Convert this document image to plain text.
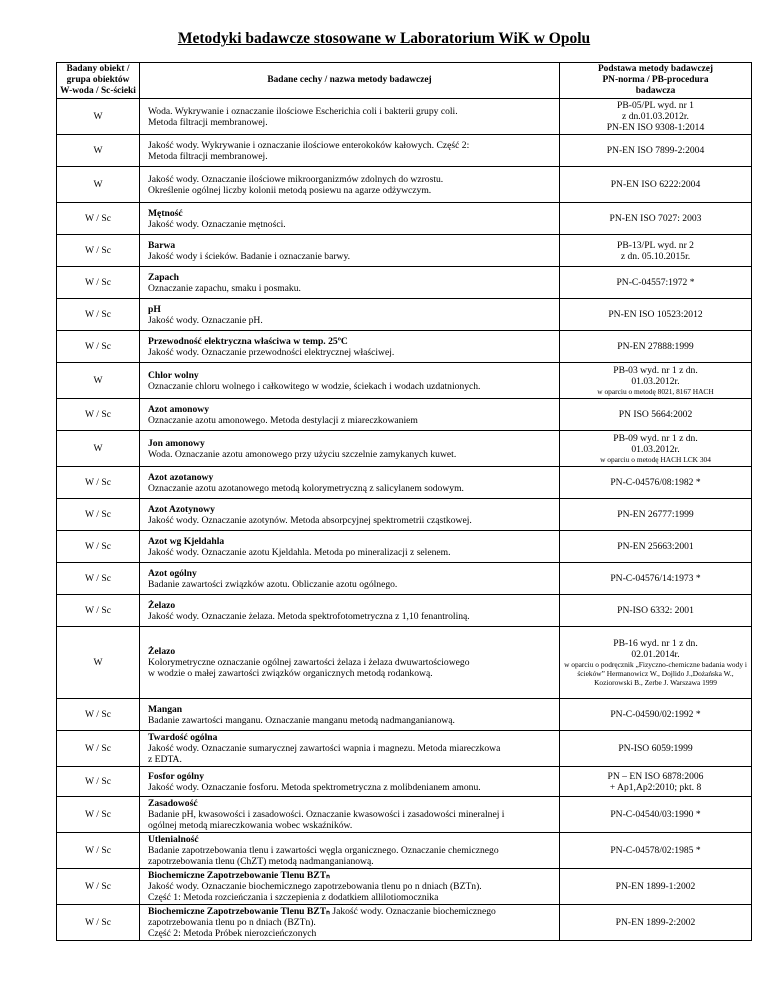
Metodyki badawcze stosowane w Laboratorium WiK w Opolu
Badany obiekt /
grupa obiektów
W-woda / Sc-ścieki	Badane cechy / nazwa metody badawczej	Podstawa metody badawczej
PN-norma / PB-procedura
badawcza

W	Woda. Wykrywanie i oznaczanie ilościowe Escherichia coli i bakterii grupy coli.
Metoda filtracji membranowej.	PB-05/PL wyd. nr 1
z dn.01.03.2012r.
PN-EN ISO 9308-1:2014

W	Jakość wody. Wykrywanie i oznaczanie ilościowe enterokoków kałowych. Część 2:
Metoda filtracji membranowej.	PN-EN ISO 7899-2:2004

W	Jakość wody. Oznaczanie ilościowe mikroorganizmów zdolnych do wzrostu.
Określenie ogólnej liczby kolonii metodą posiewu na agarze odżywczym.	PN-EN ISO 6222:2004

W / Sc	Mętność
Jakość wody. Oznaczanie mętności.	PN-EN ISO 7027: 2003

W / Sc	Barwa
Jakość wody i ścieków. Badanie i oznaczanie barwy.	PB-13/PL wyd. nr 2
z dn. 05.10.2015r.

W / Sc	Zapach
Oznaczanie zapachu, smaku i posmaku.	PN-C-04557:1972 *

W / Sc	pH
Jakość wody. Oznaczanie pH.	PN-EN ISO 10523:2012

W / Sc	Przewodność elektryczna właściwa w temp. 25ºC
Jakość wody. Oznaczanie przewodności elektrycznej właściwej.	PN-EN 27888:1999

W	Chlor wolny
Oznaczanie chloru wolnego i całkowitego w wodzie, ściekach i wodach uzdatnionych.	PB-03 wyd. nr 1 z dn.
01.03.2012r.
w oparciu o metodę 8021, 8167 HACH

W / Sc	Azot amonowy
Oznaczanie azotu amonowego. Metoda destylacji z miareczkowaniem	PN ISO 5664:2002

W	Jon amonowy
Woda. Oznaczanie azotu amonowego przy użyciu szczelnie zamykanych kuwet.	PB-09 wyd. nr 1 z dn.
01.03.2012r.
w oparciu o metodę HACH LCK 304

W / Sc	Azot azotanowy
Oznaczanie azotu azotanowego metodą kolorymetryczną z salicylanem sodowym.	PN-C-04576/08:1982 *

W / Sc	Azot Azotynowy
Jakość wody. Oznaczanie azotynów. Metoda absorpcyjnej spektrometrii cząstkowej.	PN-EN 26777:1999

W / Sc	Azot wg Kjeldahla
Jakość wody. Oznaczanie azotu Kjeldahla. Metoda po mineralizacji z selenem.	PN-EN 25663:2001

W / Sc	Azot ogólny
Badanie zawartości związków azotu. Obliczanie azotu ogólnego.	PN-C-04576/14:1973 *

W / Sc	Żelazo
Jakość wody. Oznaczanie żelaza. Metoda spektrofotometryczna z 1,10 fenantroliną.	PN-ISO 6332: 2001

W	Żelazo
Kolorymetryczne oznaczanie ogólnej zawartości żelaza i żelaza dwuwartościowego
w wodzie o małej zawartości związków organicznych metodą rodankową.	PB-16 wyd. nr 1 z dn.
02.01.2014r.
w oparciu o podręcznik „Fizyczno-chemiczne badania wody i ścieków” Hermanowicz W., Dojlido J.,Dożańska W., Koziorowski B., Zerbe J. Warszawa 1999

W / Sc	Mangan
Badanie zawartości manganu. Oznaczanie manganu metodą nadmanganianową.	PN-C-04590/02:1992 *

W / Sc	Twardość ogólna
Jakość wody. Oznaczanie sumarycznej zawartości wapnia i magnezu. Metoda miareczkowa
z EDTA.	PN-ISO 6059:1999

W / Sc	Fosfor ogólny
Jakość wody. Oznaczanie fosforu. Metoda spektrometryczna z molibdenianem amonu.	PN – EN ISO 6878:2006
+ Ap1,Ap2:2010; pkt. 8

W / Sc	Zasadowość
Badanie pH, kwasowości i zasadowości. Oznaczanie kwasowości i zasadowości mineralnej i
ogólnej metodą miareczkowania wobec wskaźników.	PN-C-04540/03:1990 *

W / Sc	Utlenialność
Badanie zapotrzebowania tlenu i zawartości węgla organicznego. Oznaczanie chemicznego
zapotrzebowania tlenu (ChZT) metodą nadmanganianową.	PN-C-04578/02:1985 *

W / Sc	Biochemiczne Zapotrzebowanie Tlenu BZTₙ
Jakość wody. Oznaczanie biochemicznego zapotrzebowania tlenu po n dniach (BZTn).
Część 1: Metoda rozcieńczania i szczepienia z dodatkiem allilotiomocznika	PN-EN 1899-1:2002

W / Sc	Biochemiczne Zapotrzebowanie Tlenu BZTₙ Jakość wody. Oznaczanie biochemicznego
zapotrzebowania tlenu po n dniach (BZTn).
Część 2: Metoda Próbek nierozcieńczonych	PN-EN 1899-2:2002
